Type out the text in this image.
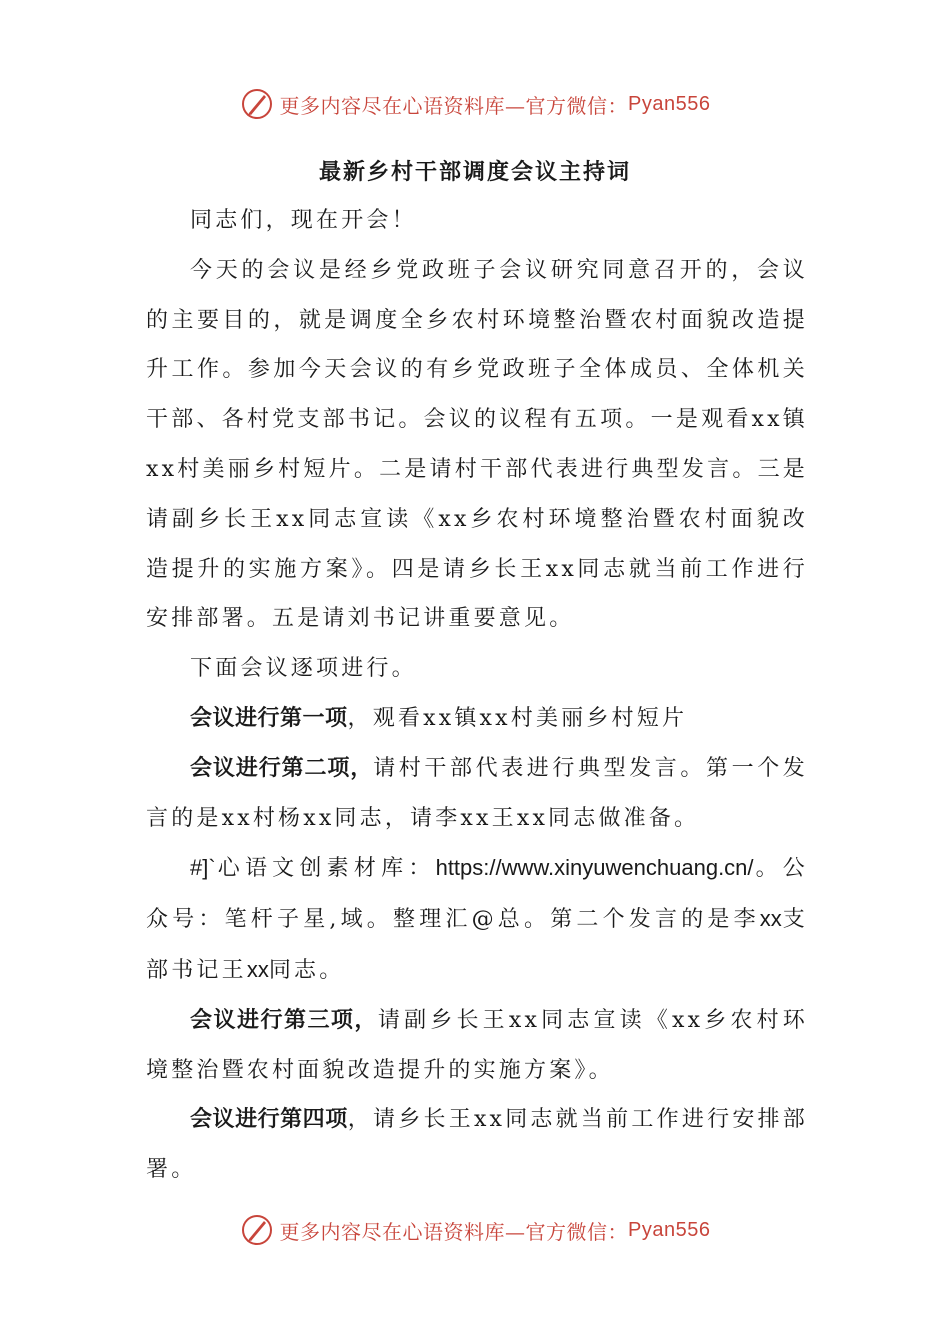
更多内容尽在心语资料库—官方微信： Pyan556
最新乡村干部调度会议主持词

同志们，现在开会！

今天的会议是经乡党政班子会议研究同意召开的，会议的主要目的，就是调度全乡农村环境整治暨农村面貌改造提升工作。参加今天会议的有乡党政班子全体成员、全体机关干部、各村党支部书记。会议的议程有五项。一是观看xx镇xx村美丽乡村短片。二是请村干部代表进行典型发言。三是请副乡长王xx同志宣读《xx乡农村环境整治暨农村面貌改造提升的实施方案》。四是请乡长王xx同志就当前工作进行安排部署。五是请刘书记讲重要意见。

下面会议逐项进行。

会议进行第一项，观看xx镇xx村美丽乡村短片

会议进行第二项，请村干部代表进行典型发言。第一个发言的是xx村杨xx同志，请李xx王xx同志做准备。

#]`心语文创素材库：https://www.xinyuwenchuang.cn/。公众号：笔杆子星,域。整理汇@总。第二个发言的是李xx支部书记王xx同志。

会议进行第三项，请副乡长王xx同志宣读《xx乡农村环境整治暨农村面貌改造提升的实施方案》。

会议进行第四项，请乡长王xx同志就当前工作进行安排部署。

更多内容尽在心语资料库—官方微信： Pyan556
